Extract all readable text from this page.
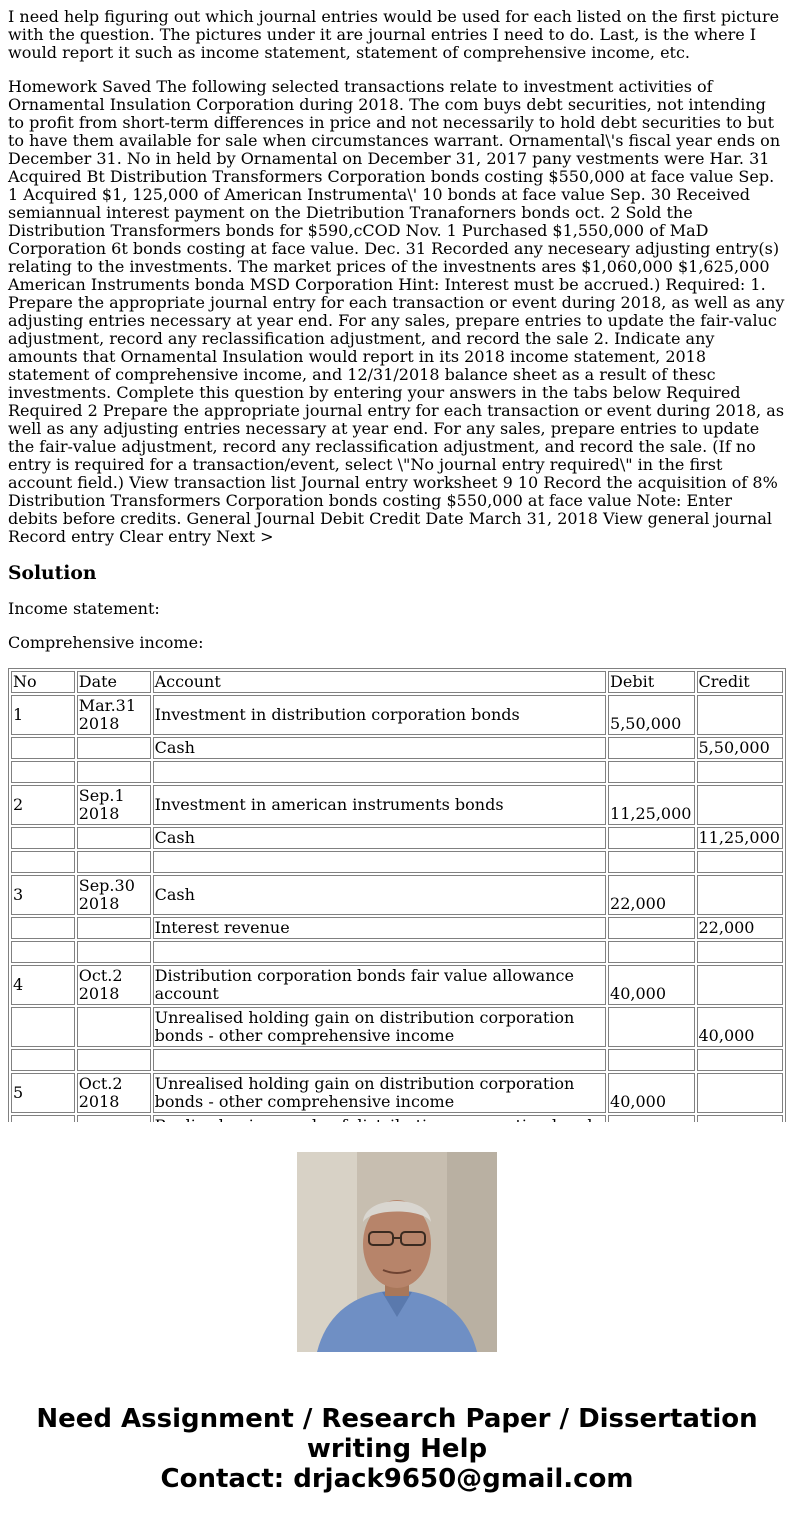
I need help figuring out which journal entries would be used for each listed on the first picture with the question. The pictures under it are journal entries I need to do. Last, is the where I would report it such as income statement, statement of comprehensive income, etc.

Homework Saved The following selected transactions relate to investment activities of Ornamental Insulation Corporation during 2018. The com buys debt securities, not intending to profit from short-term differences in price and not necessarily to hold debt securities to but to have them available for sale when circumstances warrant. Ornamental\'s fiscal year ends on December 31. No in held by Ornamental on December 31, 2017 pany vestments were Har. 31 Acquired Bt Distribution Transformers Corporation bonds costing $550,000 at face value Sep. 1 Acquired $1, 125,000 of American Instrumenta\' 10 bonds at face value Sep. 30 Received semiannual interest payment on the Dietribution Tranaforners bonds oct. 2 Sold the Distribution Transformers bonds for $590,cCOD Nov. 1 Purchased $1,550,000 of MaD Corporation 6t bonds costing at face value. Dec. 31 Recorded any neceseary adjusting entry(s) relating to the investments. The market prices of the investnents ares $1,060,000 $1,625,000 American Instruments bonda MSD Corporation Hint: Interest must be accrued.) Required: 1. Prepare the appropriate journal entry for each transaction or event during 2018, as well as any adjusting entries necessary at year end. For any sales, prepare entries to update the fair-valuc adjustment, record any reclassification adjustment, and record the sale 2. Indicate any amounts that Ornamental Insulation would report in its 2018 income statement, 2018 statement of comprehensive income, and 12/31/2018 balance sheet as a result of thesc investments. Complete this question by entering your answers in the tabs below Required Required 2 Prepare the appropriate journal entry for each transaction or event during 2018, as well as any adjusting entries necessary at year end. For any sales, prepare entries to update the fair-value adjustment, record any reclassification adjustment, and record the sale. (If no entry is required for a transaction/event, select \"No journal entry required\" in the first account field.) View transaction list Journal entry worksheet 9 10 Record the acquisition of 8% Distribution Transformers Corporation bonds costing $550,000 at face value Note: Enter debits before credits. General Journal Debit Credit Date March 31, 2018 View general journal Record entry Clear entry Next >

Solution

Income statement:

Comprehensive income:

No	Date	Account	Debit	Credit
1	Mar.31 2018	Investment in distribution corporation bonds	5,50,000	
		Cash		5,50,000

2	Sep.1 2018	Investment in american instruments bonds	11,25,000	
		Cash		11,25,000

3	Sep.30 2018	Cash	22,000	
		Interest revenue		22,000

4	Oct.2 2018	Distribution corporation bonds fair value allowance account	40,000	
		Unrealised holding gain on distribution corporation bonds - other comprehensive income		40,000

5	Oct.2 2018	Unrealised holding gain on distribution corporation bonds - other comprehensive income	40,000	

Need Assignment / Research Paper / Dissertation
writing Help
Contact: drjack9650@gmail.com
